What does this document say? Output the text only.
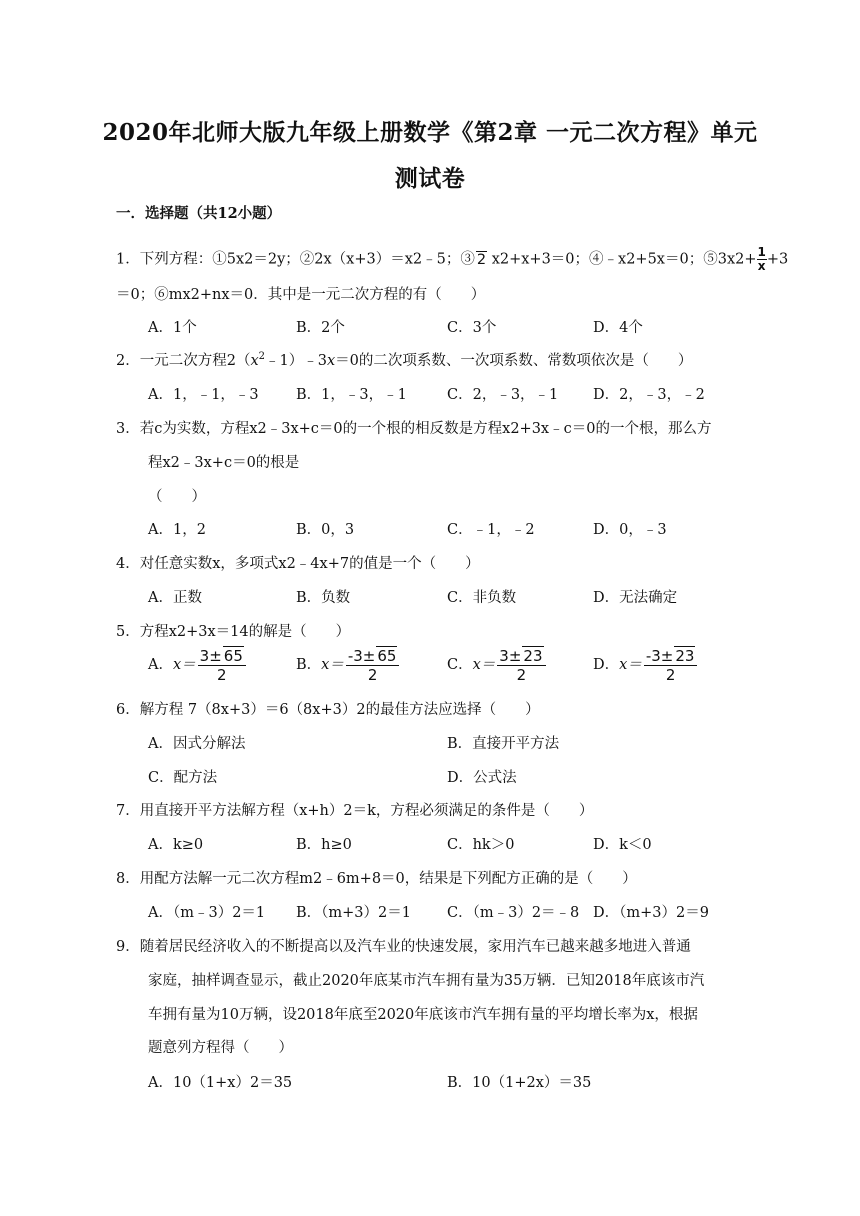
2020年北师大版九年级上册数学《第2章 一元二次方程》单元
测试卷
一．选择题（共12小题）
1．下列方程：①5x2＝2y；②2x（x+3）＝x2﹣5；③ 2 x2+x+3＝0；④﹣x2+5x＝0；⑤3x2+ $\frac{1}{x} +3$
＝0；⑥mx2+nx＝0．其中是一元二次方程的有（　　）
A．1个	B．2个	C．3个	D．4个
2．一元二次方程$2(x^2﹣1)﹣3x=0$的二次项系数、一次项系数、常数项依次是（　　）
A．1，﹣1，﹣3	B．1，﹣3，﹣1	C．2，﹣3，﹣1 D．2，﹣3，﹣2
3．若c为实数，方程x2﹣3x+c＝0的一个根的相反数是方程x2+3x﹣c＝0的一个根，那么方
程x2﹣3x+c＝0的根是
（　　）
A．1，2	B．0，3	C．﹣1，﹣2	D．0，﹣3
4．对任意实数x，多项式x2﹣4x+7的值是一个（　　）
A．正数	B．负数	C．非负数	D．无法确定
5．方程x2+3x＝14的解是（　　）
A．$x= \frac{3\pm 65}{2}$	B．$x= \frac{-3\pm 65}{2}$	C．$x= \frac{3\pm 23}{2}$	D．$x= \frac{-3\pm 23}{2}$
6．解方程 7（8x+3）＝6（8x+3）2的最佳方法应选择（　　）
A．因式分解法	B．直接开平方法
C．配方法	D．公式法
7．用直接开平方法解方程（x+h）2＝k，方程必须满足的条件是（　　）
A．k≥0	B．h≥0	C．hk＞0	D．k＜0
8．用配方法解一元二次方程m2﹣6m+8＝0，结果是下列配方正确的是（　　）
A．（m﹣3）2＝1 B．（m+3）2＝1 C．（m﹣3）2＝﹣8 D．（m+3）2＝9
9．随着居民经济收入的不断提高以及汽车业的快速发展，家用汽车已越来越多地进入普通
家庭，抽样调查显示，截止2020年底某市汽车拥有量为35万辆．已知2018年底该市汽
车拥有量为10万辆，设2018年底至2020年底该市汽车拥有量的平均增长率为x，根据
题意列方程得（　　）
A．10（1+x）2＝35	B．10（1+2x）＝35
